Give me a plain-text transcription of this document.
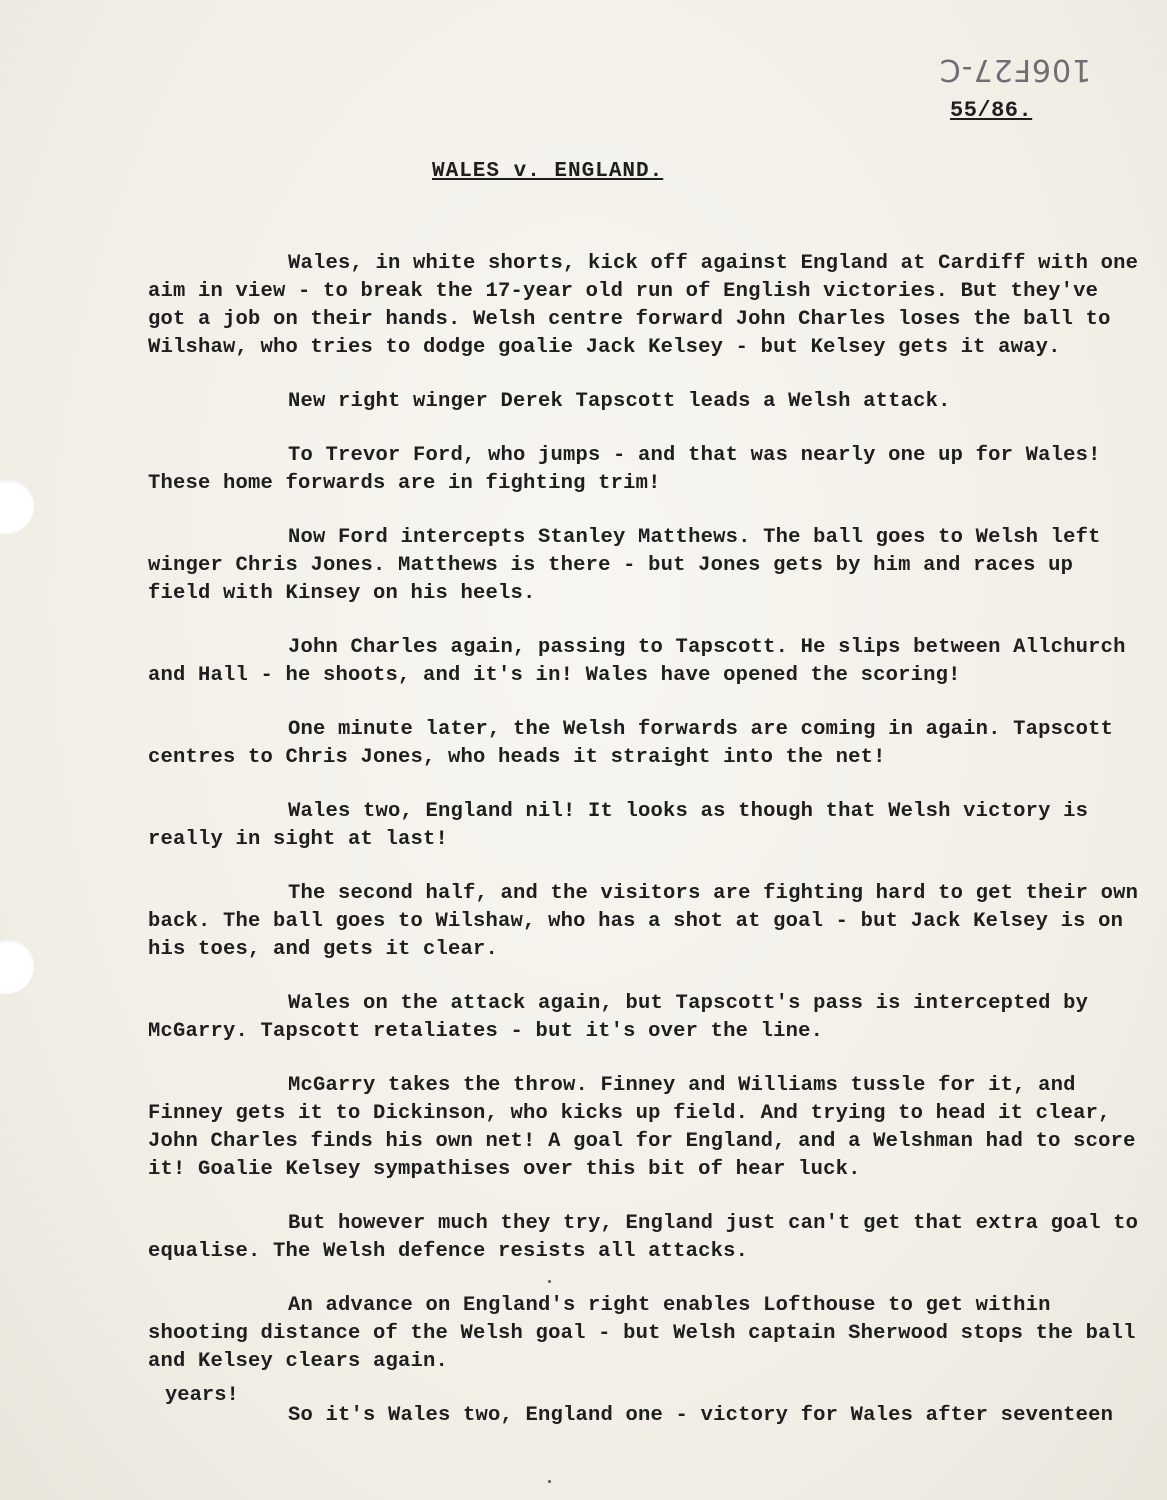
106F27-C
55/86.
WALES v. ENGLAND.

Wales, in white shorts, kick off against England at Cardiff with one aim in view - to break the 17-year old run of English victories. But they've got a job on their hands. Welsh centre forward John Charles loses the ball to Wilshaw, who tries to dodge goalie Jack Kelsey - but Kelsey gets it away.

New right winger Derek Tapscott leads a Welsh attack.

To Trevor Ford, who jumps - and that was nearly one up for Wales! These home forwards are in fighting trim!

Now Ford intercepts Stanley Matthews. The ball goes to Welsh left winger Chris Jones. Matthews is there - but Jones gets by him and races up field with Kinsey on his heels.

John Charles again, passing to Tapscott. He slips between Allchurch and Hall - he shoots, and it's in! Wales have opened the scoring!

One minute later, the Welsh forwards are coming in again. Tapscott centres to Chris Jones, who heads it straight into the net!

Wales two, England nil! It looks as though that Welsh victory is really in sight at last!

The second half, and the visitors are fighting hard to get their own back. The ball goes to Wilshaw, who has a shot at goal - but Jack Kelsey is on his toes, and gets it clear.

Wales on the attack again, but Tapscott's pass is intercepted by McGarry. Tapscott retaliates - but it's over the line.

McGarry takes the throw. Finney and Williams tussle for it, and Finney gets it to Dickinson, who kicks up field. And trying to head it clear, John Charles finds his own net! A goal for England, and a Welshman had to score it! Goalie Kelsey sympathises over this bit of hear luck.

But however much they try, England just can't get that extra goal to equalise. The Welsh defence resists all attacks.

An advance on England's right enables Lofthouse to get within shooting distance of the Welsh goal - but Welsh captain Sherwood stops the ball and Kelsey clears again.

So it's Wales two, England one - victory for Wales after seventeen

years!
